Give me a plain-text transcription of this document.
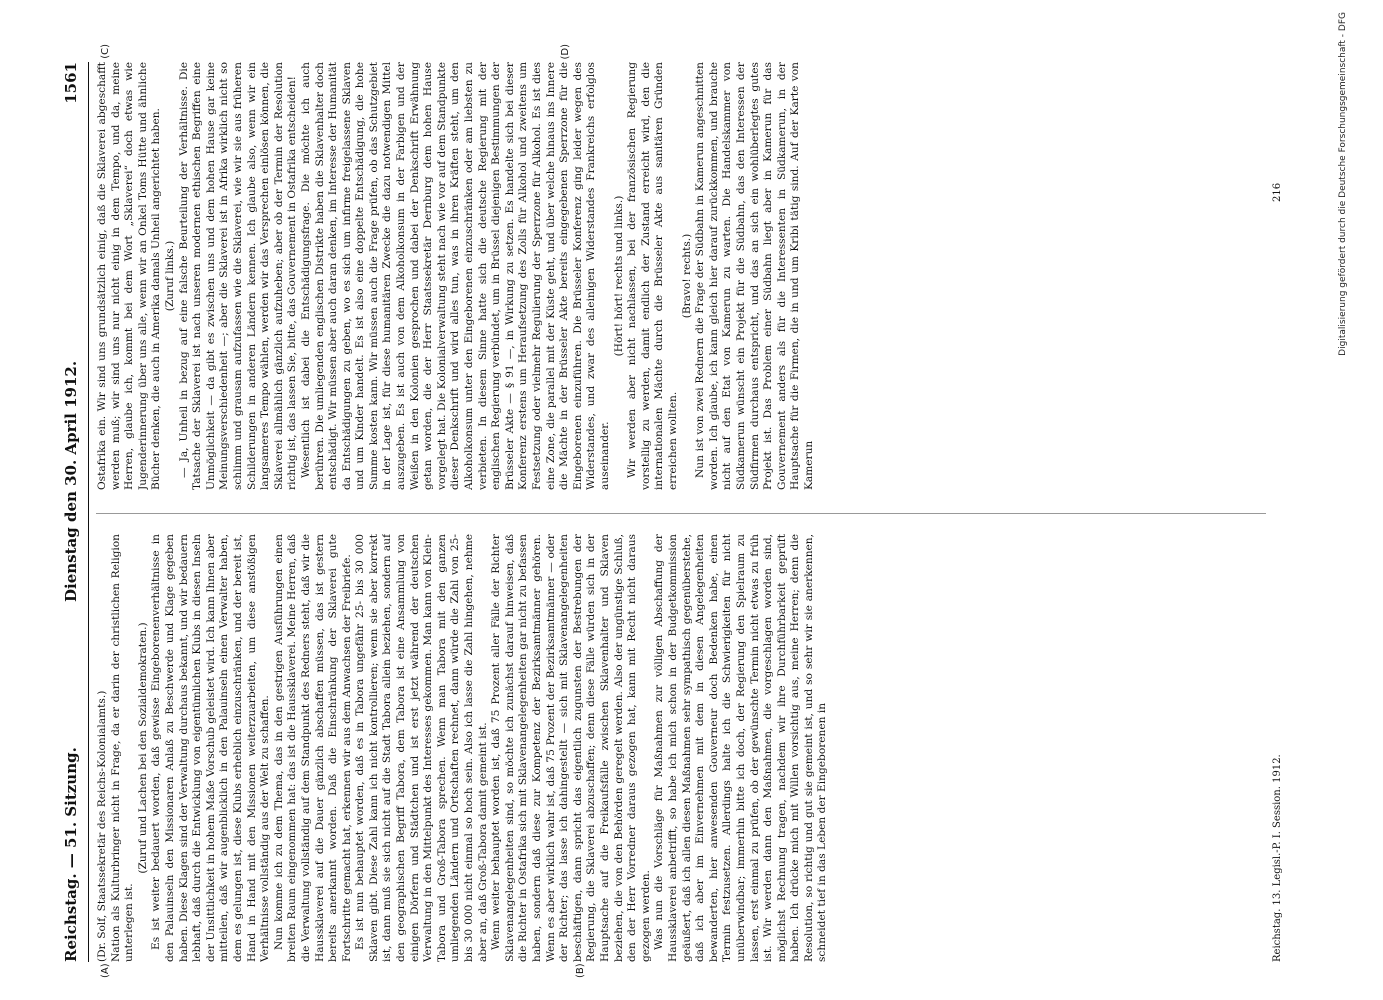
Reichstag. — 51. Sitzung.
Dienstag den 30. April 1912.
1561
(A)	(B)
(C)	(D)

(Dr. Solf, Staatssekretär des Reichs-Kolonialamts.) Nation als Kulturbringer nicht in Frage, da er darin der christlichen Religion unterlegen ist.

(Zuruf und Lachen bei den Sozialdemokraten.) Es ist weiter bedauert worden, daß gewisse Eingeborenenverhältnisse in den Palauinseln den Missionaren Anlaß zu Beschwerde und Klage gegeben haben. Diese Klagen sind der Verwaltung durchaus bekannt, und wir bedauern lebhaft, daß durch die Entwicklung von eigentümlichen Klubs in diesen Inseln der Unsittlichkeit in hohem Maße Vorschub geleistet wird. Ich kann Ihnen aber mitteilen, daß wir augenblicklich in den Palauinseln einen Verwalter haben, dem es gelungen ist, diese Klubs erheblich einzuschränken, und der bereit ist, Hand in Hand mit den Missionen weiterzuarbeiten, um diese anstößigen Verhältnisse vollständig aus der Welt zu schaffen. Nun komme ich zu dem Thema, das in den gestrigen Ausführungen einen breiten Raum eingenommen hat: das ist die Haussklaverei. Meine Herren, daß die Verwaltung vollständig auf dem Standpunkt des Redners steht, daß wir die Haussklaverei auf die Dauer gänzlich abschaffen müssen, das ist gestern bereits anerkannt worden. Daß die Einschränkung der Sklaverei gute Fortschritte gemacht hat, erkennen wir aus dem Anwachsen der Freibriefe. Es ist nun behauptet worden, daß es in Tabora ungefähr 25- bis 30 000 Sklaven gibt. Diese Zahl kann ich nicht kontrollieren; wenn sie aber korrekt ist, dann muß sie sich nicht auf die Stadt Tabora allein beziehen, sondern auf den geographischen Begriff Tabora, dem Tabora ist eine Ansammlung von einigen Dörfern und Städtchen und ist erst jetzt während der deutschen Verwaltung in den Mittelpunkt des Interesses gekommen. Man kann von Klein-Tabora und Groß-Tabora sprechen. Wenn man Tabora mit den ganzen umliegenden Ländern und Ortschaften rechnet, dann würde die Zahl von 25- bis 30 000 nicht einmal so hoch sein. Also ich lasse die Zahl hingehen, nehme aber an, daß Groß-Tabora damit gemeint ist. Wenn weiter behauptet worden ist, daß 75 Prozent aller Fälle der Richter Sklavenangelegenheiten sind, so möchte ich zunächst darauf hinweisen, daß die Richter in Ostafrika sich mit Sklavenangelegenheiten gar nicht zu befassen haben, sondern daß diese zur Kompetenz der Bezirksamtmänner gehören. Wenn es aber wirklich wahr ist, daß 75 Prozent der Bezirksamtmänner — oder der Richter; das lasse ich dahingestellt — sich mit Sklavenangelegenheiten beschäftigen, dann spricht das eigentlich zugunsten der Bestrebungen der Regierung, die Sklaverei abzuschaffen; denn diese Fälle würden sich in der Hauptsache auf die Freikaufsfälle zwischen Sklavenhalter und Sklaven beziehen, die von den Behörden geregelt werden. Also der ungünstige Schluß, den der Herr Vorredner daraus gezogen hat, kann mit Recht nicht daraus gezogen werden. Was nun die Vorschläge für Maßnahmen zur völligen Abschaffung der Haussklaverei anbetrifft, so habe ich mich schon in der Budgetkommission geäußert, daß ich allen diesen Maßnahmen sehr sympathisch gegenüberstehe, daß ich aber im Einvernehmen mit dem in diesen Angelegenheiten bewanderten, hier anwesenden Gouverneur doch Bedenken habe, einen Termin festzusetzen. Allerdings halte ich die Schwierigkeiten für nicht unüberwindbar; immerhin bitte ich doch, der Regierung den Spielraum zu lassen, erst einmal zu prüfen, ob der gewünschte Termin nicht etwas zu früh ist. Wir werden dann den Maßnahmen, die vorgeschlagen worden sind, möglichst Rechnung tragen, nachdem wir ihre Durchführbarkeit geprüft haben. Ich drücke mich mit Willen vorsichtig aus, meine Herren; denn die Resolution, so richtig und gut sie gemeint ist, und so sehr wir sie anerkennen, schneidet tief in das Leben der Eingeborenen in

Ostafrika ein. Wir sind uns grundsätzlich einig, daß die Sklaverei abgeschafft werden muß; wir sind uns nur nicht einig in dem Tempo, und da, meine Herren, glaube ich, kommt bei dem Wort „Sklaverei“ doch etwas wie Jugenderinnerung über uns alle, wenn wir an Onkel Toms Hütte und ähnliche Bücher denken, die auch in Amerika damals Unheil angerichtet haben. (Zuruf links.) — Ja, Unheil in bezug auf eine falsche Beurteilung der Verhältnisse. Die Tatsache der Sklaverei ist nach unseren modernen ethischen Begriffen eine Unmöglichkeit — da gibt es zwischen uns und dem hohen Hause gar keine Meinungsverschiedenheit —; aber die Sklaverei ist in Afrika wirklich nicht so schlimm und grausam aufzufassen wie die Sklaverei, wie wir sie aus früheren Schilderungen in anderen Ländern kennen. Ich glaube also, wenn wir ein langsameres Tempo wählen, werden wir das Versprechen einlösen können, die Sklaverei allmählich gänzlich aufzuheben; aber ob der Termin der Resolution richtig ist, das lassen Sie, bitte, das Gouvernement in Ostafrika entscheiden! Wesentlich ist dabei die Entschädigungsfrage. Die möchte ich auch berühren. Die umliegenden englischen Distrikte haben die Sklavenhalter doch entschädigt. Wir müssen aber auch daran denken, im Interesse der Humanität da Entschädigungen zu geben, wo es sich um infirme freigelassene Sklaven und um Kinder handelt. Es ist also eine doppelte Entschädigung, die hohe Summe kosten kann. Wir müssen auch die Frage prüfen, ob das Schutzgebiet in der Lage ist, für diese humanitären Zwecke die dazu notwendigen Mittel auszugeben. Es ist auch von dem Alkoholkonsum in der Farbigen und der Weißen in den Kolonien gesprochen und dabei der Denkschrift Erwähnung getan worden, die der Herr Staatssekretär Dernburg dem hohen Hause vorgelegt hat. Die Kolonialverwaltung steht nach wie vor auf dem Standpunkte dieser Denkschrift und wird alles tun, was in ihren Kräften steht, um den Alkoholkonsum unter den Eingeborenen einzuschränken oder am liebsten zu verbieten. In diesem Sinne hatte sich die deutsche Regierung mit der englischen Regierung verbündet, um in Brüssel diejenigen Bestimmungen der Brüsseler Akte — § 91 —, in Wirkung zu setzen. Es handelte sich bei dieser Konferenz erstens um Heraufsetzung des Zolls für Alkohol und zweitens um Festsetzung oder vielmehr Regulierung der Sperrzone für Alkohol. Es ist dies eine Zone, die parallel mit der Küste geht, und über welche hinaus ins Innere die Mächte in der Brüsseler Akte bereits eingegebenen Sperrzone für die Eingeborenen einzuführen. Die Brüsseler Konferenz ging leider wegen des Widerstandes, und zwar des alleinigen Widerstandes Frankreichs erfolglos auseinander.

(Hört! hört! rechts und links.) Wir werden aber nicht nachlassen, bei der französischen Regierung vorstellig zu werden, damit endlich der Zustand erreicht wird, den die internationalen Mächte durch die Brüsseler Akte aus sanitären Gründen erreichen wollten.

(Bravo! rechts.) Nun ist von zwei Rednern die Frage der Südbahn in Kamerun angeschnitten worden. Ich glaube, ich kann gleich hier darauf zurückkommen, und brauche nicht auf den Etat von Kamerun zu warten. Die Handelskammer von Südkamerun wünscht ein Projekt für die Südbahn, das den Interessen der Südfirmen durchaus entspricht, und das an sich ein wohlüberlegtes gutes Projekt ist. Das Problem einer Südbahn liegt aber in Kamerun für das Gouvernement anders als für die Interessenten in Südkamerun, in der Hauptsache für die Firmen, die in und um Kribi tätig sind. Auf der Karte von Kamerun

Reichstag. 13. Legisl.-P. I. Session. 1912.
216	Digitalisierung gefördert durch die Deutsche Forschungsgemeinschaft - DFG
